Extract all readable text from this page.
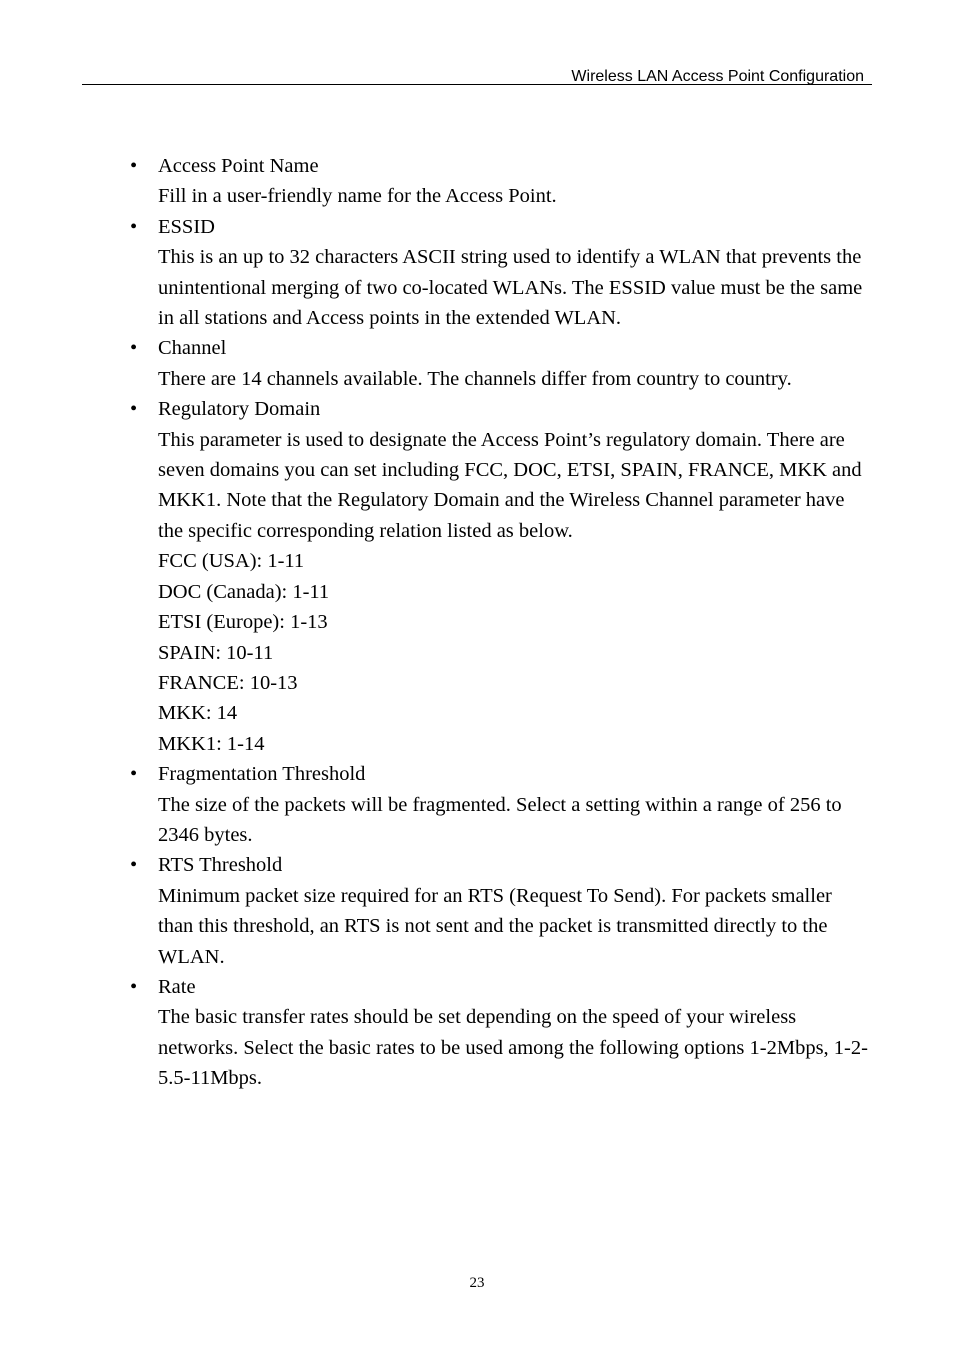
Wireless LAN Access Point Configuration
• Access Point Name
Fill in a user-friendly name for the Access Point.
• ESSID
This is an up to 32 characters ASCII string used to identify a WLAN that prevents the unintentional merging of two co-located WLANs. The ESSID value must be the same in all stations and Access points in the extended WLAN.
• Channel
There are 14 channels available. The channels differ from country to country.
• Regulatory Domain
This parameter is used to designate the Access Point’s regulatory domain. There are seven domains you can set including FCC, DOC, ETSI, SPAIN, FRANCE, MKK and MKK1. Note that the Regulatory Domain and the Wireless Channel parameter have the specific corresponding relation listed as below.
FCC (USA): 1-11
DOC (Canada): 1-11
ETSI (Europe): 1-13
SPAIN: 10-11
FRANCE: 10-13
MKK: 14
MKK1: 1-14
• Fragmentation Threshold
The size of the packets will be fragmented. Select a setting within a range of 256 to 2346 bytes.
• RTS Threshold
Minimum packet size required for an RTS (Request To Send). For packets smaller than this threshold, an RTS is not sent and the packet is transmitted directly to the WLAN.
• Rate
The basic transfer rates should be set depending on the speed of your wireless networks. Select the basic rates to be used among the following options 1-2Mbps, 1-2-5.5-11Mbps.
23
